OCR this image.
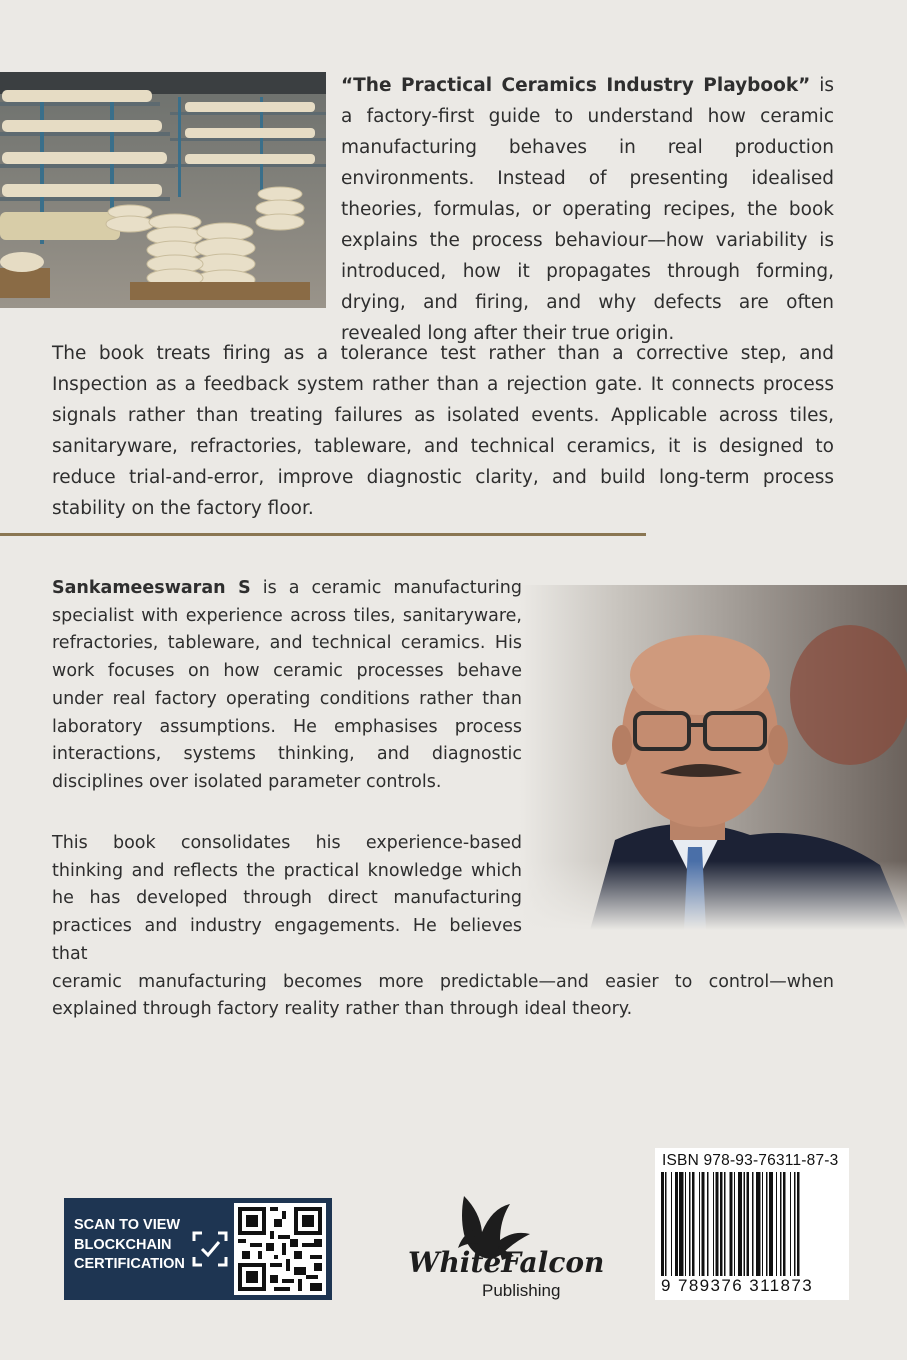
“The Practical Ceramics Industry Playbook” is a factory-first guide to understand how ceramic manufacturing behaves in real production environments. Instead of presenting idealised theories, formulas, or operating recipes, the book explains the process behaviour—how variability is introduced, how it propagates through forming, drying, and firing, and why defects are often revealed long after their true origin.

The book treats firing as a tolerance test rather than a corrective step, and Inspection as a feedback system rather than a rejection gate. It connects process signals rather than treating failures as isolated events. Applicable across tiles, sanitaryware, refractories, tableware, and technical ceramics, it is designed to reduce trial-and-error, improve diagnostic clarity, and build long-term process stability on the factory floor.

Sankameeswaran S is a ceramic manufacturing specialist with experience across tiles, sanitaryware, refractories, tableware, and technical ceramics. His work focuses on how ceramic processes behave under real factory operating conditions rather than laboratory assumptions. He emphasises process interactions, systems thinking, and diagnostic disciplines over isolated parameter controls.

This book consolidates his experience-based
thinking and reflects the practical knowledge which
he has developed through direct manufacturing
practices and industry engagements. He believes that
ceramic manufacturing becomes more predictable—and easier to control—when
explained through factory reality rather than through ideal theory.

SCAN TO VIEW
BLOCKCHAIN
CERTIFICATION	WhiteFalcon
Publishing
ISBN 978-93-76311-87-3
9 789376 311873
